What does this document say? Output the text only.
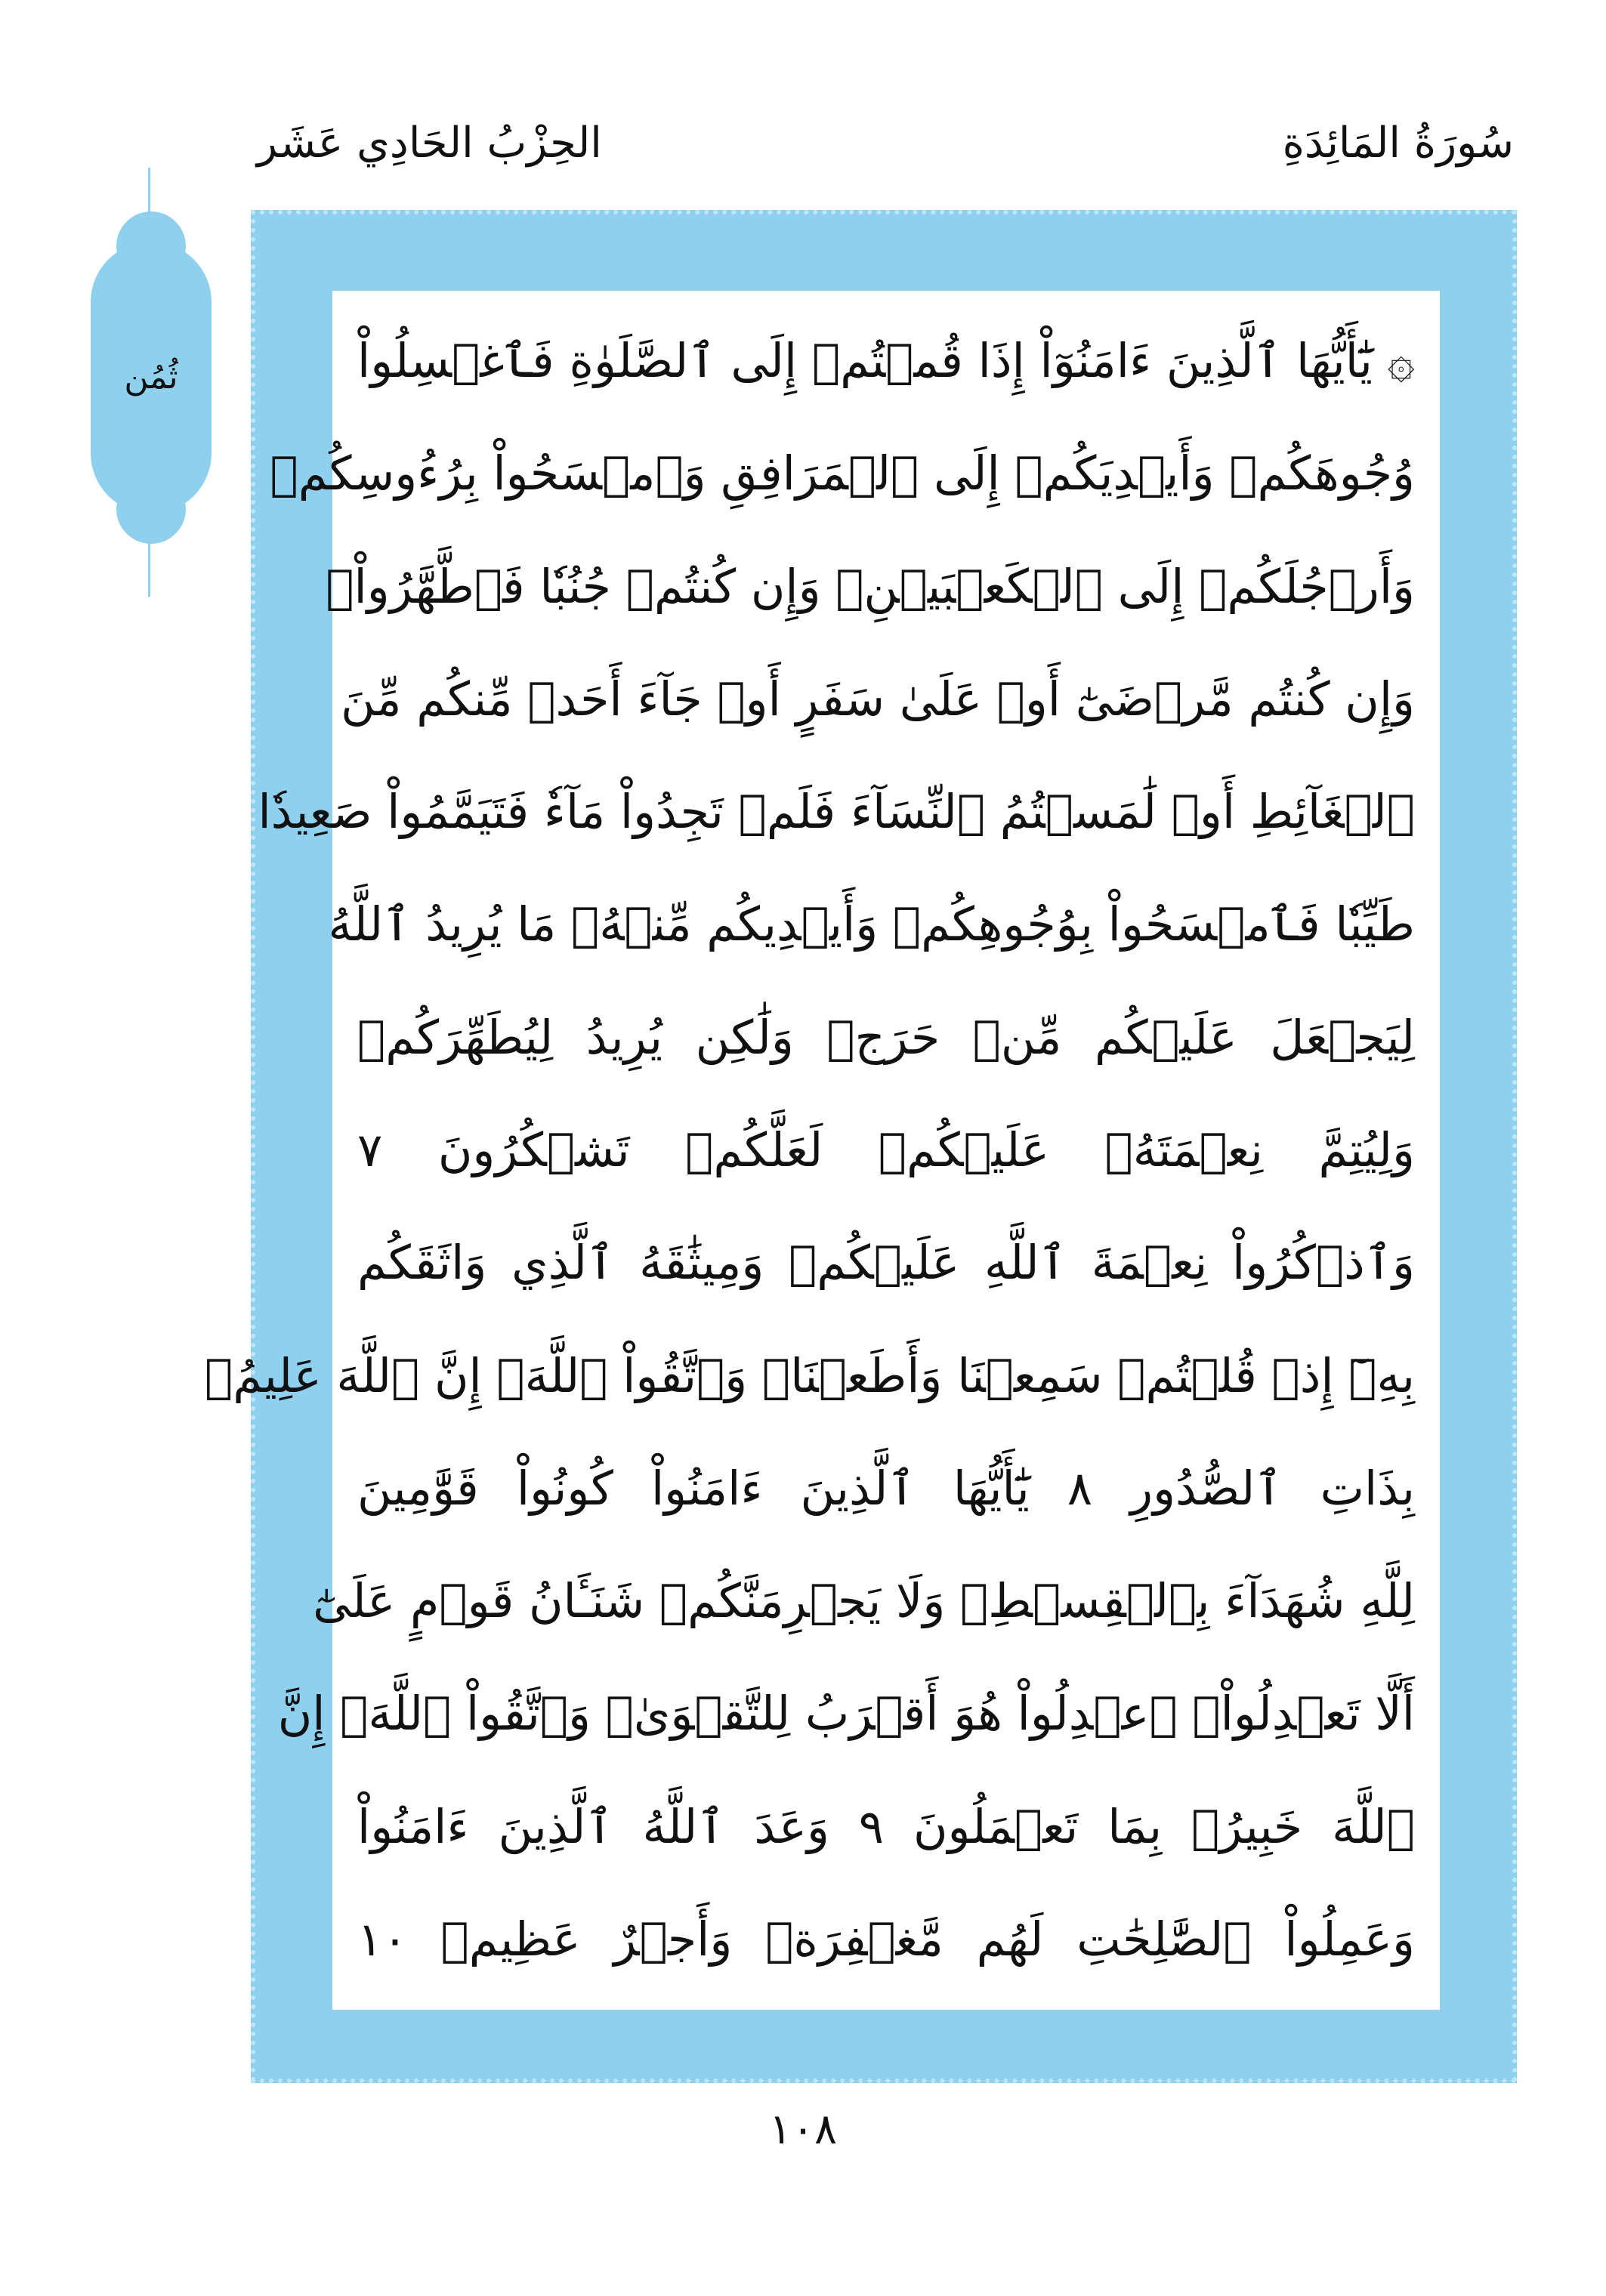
الحِزْبُ الحَادِي عَشَر	سُورَةُ المَائِدَةِ
ثُمُن	۞ يَٰٓأَيُّهَا ٱلَّذِينَ ءَامَنُوٓاْ إِذَا قُمۡتُمۡ إِلَى ٱلصَّلَوٰةِ فَٱغۡسِلُواْ
وُجُوهَكُمۡ وَأَيۡدِيَكُمۡ إِلَى ٱلۡمَرَافِقِ وَٱمۡسَحُواْ بِرُءُوسِكُمۡ
وَأَرۡجُلَكُمۡ إِلَى ٱلۡكَعۡبَيۡنِۚ وَإِن كُنتُمۡ جُنُبٗا فَٱطَّهَّرُواْۚ
وَإِن كُنتُم مَّرۡضَىٰٓ أَوۡ عَلَىٰ سَفَرٍ أَوۡ جَآءَ أَحَدٞ مِّنكُم مِّنَ
ٱلۡغَآئِطِ أَوۡ لَٰمَسۡتُمُ ٱلنِّسَآءَ فَلَمۡ تَجِدُواْ مَآءٗ فَتَيَمَّمُواْ صَعِيدٗا
طَيِّبٗا فَٱمۡسَحُواْ بِوُجُوهِكُمۡ وَأَيۡدِيكُم مِّنۡهُۚ مَا يُرِيدُ ٱللَّهُ
لِيَجۡعَلَ عَلَيۡكُم مِّنۡ حَرَجٖ وَلَٰكِن يُرِيدُ لِيُطَهِّرَكُمۡ
وَلِيُتِمَّ نِعۡمَتَهُۥ عَلَيۡكُمۡ لَعَلَّكُمۡ تَشۡكُرُونَ ٧
وَٱذۡكُرُواْ نِعۡمَةَ ٱللَّهِ عَلَيۡكُمۡ وَمِيثَٰقَهُ ٱلَّذِي وَاثَقَكُم
بِهِۦٓ إِذۡ قُلۡتُمۡ سَمِعۡنَا وَأَطَعۡنَاۖ وَٱتَّقُواْ ٱللَّهَۚ إِنَّ ٱللَّهَ عَلِيمُۢ
بِذَاتِ ٱلصُّدُورِ ٨ يَٰٓأَيُّهَا ٱلَّذِينَ ءَامَنُواْ كُونُواْ قَوَّٰمِينَ
لِلَّهِ شُهَدَآءَ بِٱلۡقِسۡطِۖ وَلَا يَجۡرِمَنَّكُمۡ شَنَـَٔانُ قَوۡمٍ عَلَىٰٓ
أَلَّا تَعۡدِلُواْۚ ٱعۡدِلُواْ هُوَ أَقۡرَبُ لِلتَّقۡوَىٰۖ وَٱتَّقُواْ ٱللَّهَۚ إِنَّ
ٱللَّهَ خَبِيرُۢ بِمَا تَعۡمَلُونَ ٩ وَعَدَ ٱللَّهُ ٱلَّذِينَ ءَامَنُواْ
وَعَمِلُواْ ٱلصَّٰلِحَٰتِ لَهُم مَّغۡفِرَةٞ وَأَجۡرٌ عَظِيمٞ ١٠
١٠٨
